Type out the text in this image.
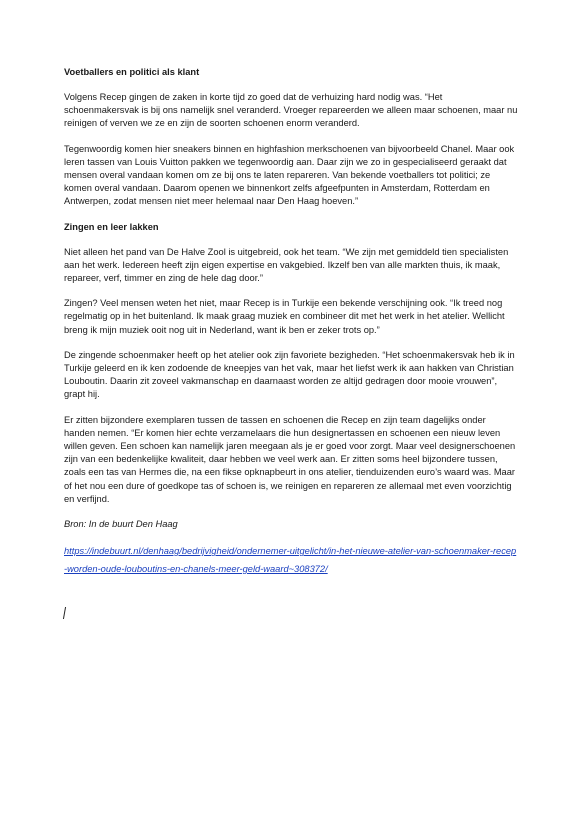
Voetballers en politici als klant

Volgens Recep gingen de zaken in korte tijd zo goed dat de verhuizing hard nodig was. “Het schoenmakersvak is bij ons namelijk snel veranderd. Vroeger repareerden we alleen maar schoenen, maar nu reinigen of verven we ze en zijn de soorten schoenen enorm veranderd.

Tegenwoordig komen hier sneakers binnen en highfashion merkschoenen van bijvoorbeeld Chanel. Maar ook leren tassen van Louis Vuitton pakken we tegenwoordig aan. Daar zijn we zo in gespecialiseerd geraakt dat mensen overal vandaan komen om ze bij ons te laten repareren. Van bekende voetballers tot politici; ze komen overal vandaan. Daarom openen we binnenkort zelfs afgeefpunten in Amsterdam, Rotterdam en Antwerpen, zodat mensen niet meer helemaal naar Den Haag hoeven.”

Zingen en leer lakken

Niet alleen het pand van De Halve Zool is uitgebreid, ook het team. “We zijn met gemiddeld tien specialisten aan het werk. Iedereen heeft zijn eigen expertise en vakgebied. Ikzelf ben van alle markten thuis, ik maak, repareer, verf, timmer en zing de hele dag door.”

Zingen? Veel mensen weten het niet, maar Recep is in Turkije een bekende verschijning ook. “Ik treed nog regelmatig op in het buitenland. Ik maak graag muziek en combineer dit met het werk in het atelier. Wellicht breng ik mijn muziek ooit nog uit in Nederland, want ik ben er zeker trots op.”

De zingende schoenmaker heeft op het atelier ook zijn favoriete bezigheden. “Het schoenmakersvak heb ik in Turkije geleerd en ik ken zodoende de kneepjes van het vak, maar het liefst werk ik aan hakken van Christian Louboutin. Daarin zit zoveel vakmanschap en daarnaast worden ze altijd gedragen door mooie vrouwen”, grapt hij.

Er zitten bijzondere exemplaren tussen de tassen en schoenen die Recep en zijn team dagelijks onder handen nemen. “Er komen hier echte verzamelaars die hun designertassen en schoenen een nieuw leven willen geven. Een schoen kan namelijk jaren meegaan als je er goed voor zorgt. Maar veel designerschoenen zijn van een bedenkelijke kwaliteit, daar hebben we veel werk aan. Er zitten soms heel bijzondere tussen, zoals een tas van Hermes die, na een fikse opknapbeurt in ons atelier, tienduizenden euro’s waard was. Maar of het nou een dure of goedkope tas of schoen is, we reinigen en repareren ze allemaal met even voorzichtig en verfijnd.

Bron: In de buurt Den Haag

https://indebuurt.nl/denhaag/bedrijvigheid/ondernemer-uitgelicht/in-het-nieuwe-atelier-van-schoenmaker-recep-worden-oude-louboutins-en-chanels-meer-geld-waard~308372/
